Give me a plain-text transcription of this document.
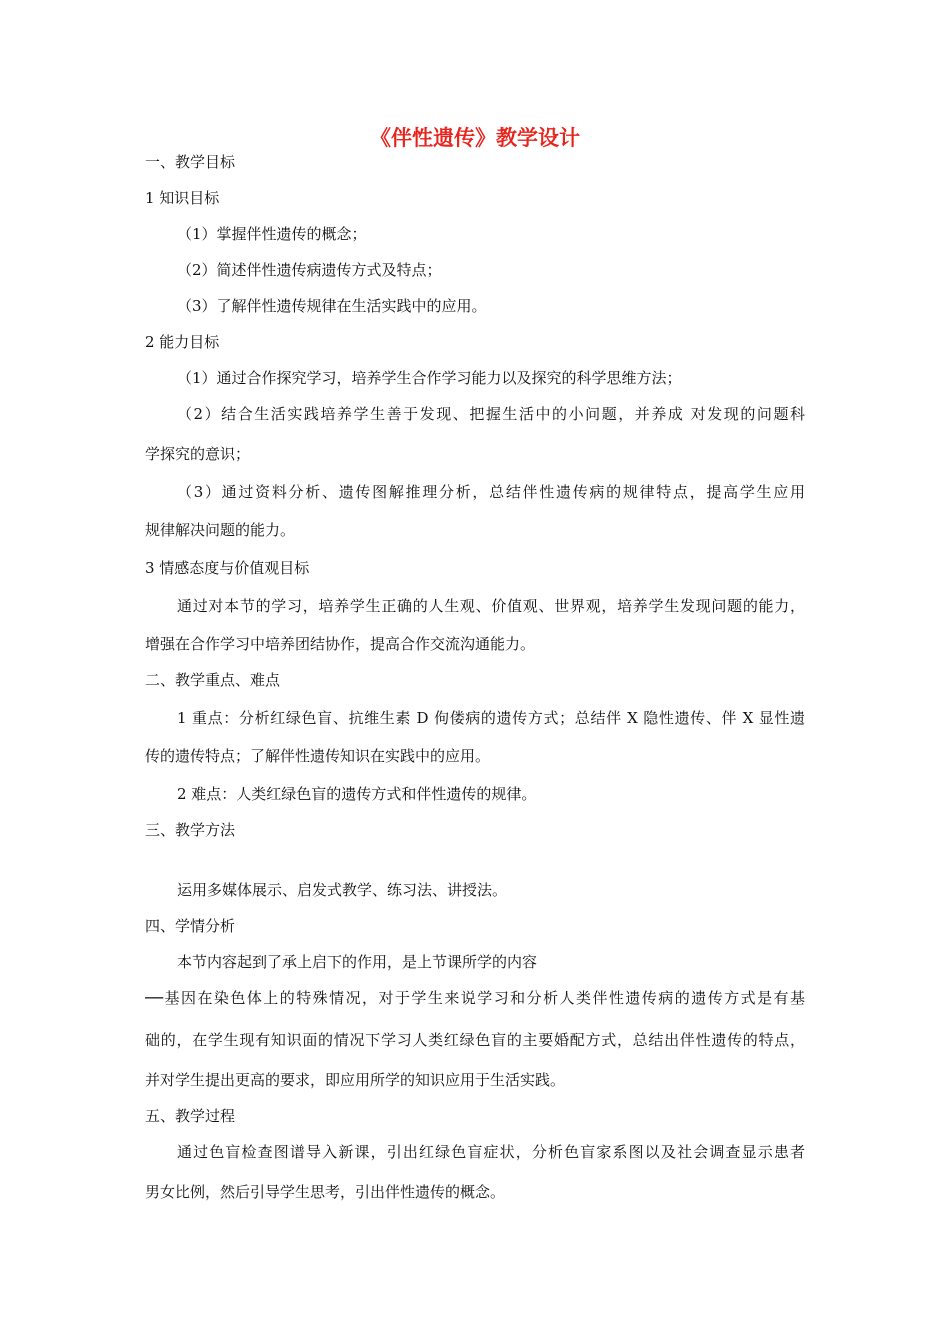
《伴性遗传》教学设计
一、教学目标
1 知识目标
（1）掌握伴性遗传的概念；
（2）简述伴性遗传病遗传方式及特点；
（3）了解伴性遗传规律在生活实践中的应用。
2 能力目标
（1）通过合作探究学习，培养学生合作学习能力以及探究的科学思维方法；
（2）结合生活实践培养学生善于发现、把握生活中的小问题，并养成 对发现的问题科
学探究的意识；
（3）通过资料分析、遗传图解推理分析，总结伴性遗传病的规律特点，提高学生应用
规律解决问题的能力。
3 情感态度与价值观目标
通过对本节的学习，培养学生正确的人生观、价值观、世界观，培养学生发现问题的能力，
增强在合作学习中培养团结协作，提高合作交流沟通能力。
二、教学重点、难点
1 重点：分析红绿色盲、抗维生素 D 佝偻病的遗传方式；总结伴 X 隐性遗传、伴 X 显性遗
传的遗传特点；了解伴性遗传知识在实践中的应用。
2 难点：人类红绿色盲的遗传方式和伴性遗传的规律。
三、教学方法
运用多媒体展示、启发式教学、练习法、讲授法。
四、学情分析
本节内容起到了承上启下的作用，是上节课所学的内容
──基因在染色体上的特殊情况，对于学生来说学习和分析人类伴性遗传病的遗传方式是有基
础的，在学生现有知识面的情况下学习人类红绿色盲的主要婚配方式，总结出伴性遗传的特点，
并对学生提出更高的要求，即应用所学的知识应用于生活实践。
五、教学过程
通过色盲检查图谱导入新课，引出红绿色盲症状，分析色盲家系图以及社会调查显示患者
男女比例，然后引导学生思考，引出伴性遗传的概念。
